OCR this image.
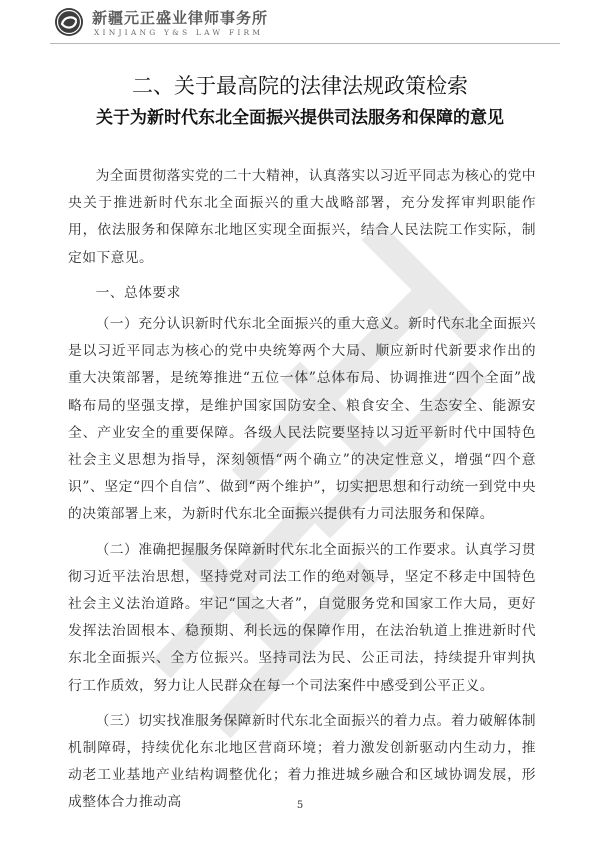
新疆元正盛业律师事务所
XINJIANG Y&S LAW FIRM
二、关于最高院的法律法规政策检索
关于为新时代东北全面振兴提供司法服务和保障的意见

为全面贯彻落实党的二十大精神，认真落实以习近平同志为核心的党中央关于推进新时代东北全面振兴的重大战略部署，充分发挥审判职能作用，依法服务和保障东北地区实现全面振兴，结合人民法院工作实际，制定如下意见。

一、总体要求

（一）充分认识新时代东北全面振兴的重大意义。新时代东北全面振兴是以习近平同志为核心的党中央统筹两个大局、顺应新时代新要求作出的重大决策部署，是统筹推进“五位一体”总体布局、协调推进“四个全面”战略布局的坚强支撑，是维护国家国防安全、粮食安全、生态安全、能源安全、产业安全的重要保障。各级人民法院要坚持以习近平新时代中国特色社会主义思想为指导，深刻领悟“两个确立”的决定性意义，增强“四个意识”、坚定“四个自信”、做到“两个维护”，切实把思想和行动统一到党中央的决策部署上来，为新时代东北全面振兴提供有力司法服务和保障。

（二）准确把握服务保障新时代东北全面振兴的工作要求。认真学习贯彻习近平法治思想，坚持党对司法工作的绝对领导，坚定不移走中国特色社会主义法治道路。牢记“国之大者”，自觉服务党和国家工作大局，更好发挥法治固根本、稳预期、利长远的保障作用，在法治轨道上推进新时代东北全面振兴、全方位振兴。坚持司法为民、公正司法，持续提升审判执行工作质效，努力让人民群众在每一个司法案件中感受到公平正义。

（三）切实找准服务保障新时代东北全面振兴的着力点。着力破解体制机制障碍，持续优化东北地区营商环境；着力激发创新驱动内生动力，推动老工业基地产业结构调整优化；着力推进城乡融合和区域协调发展，形成整体合力推动高	5
